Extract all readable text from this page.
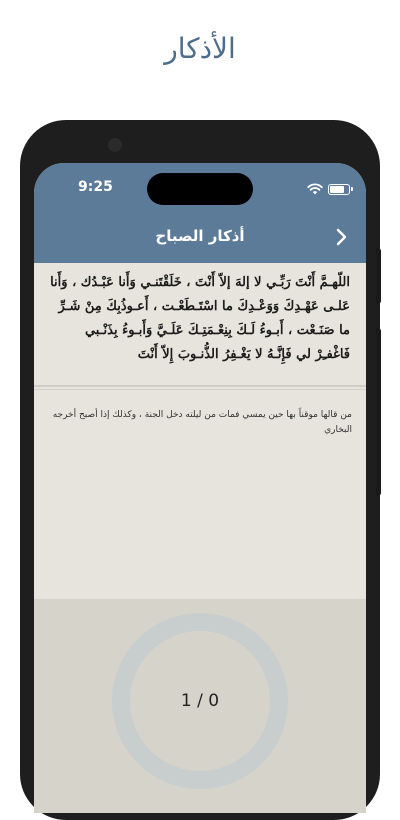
الأذكار
9:25
أذكار الصباح
اللّهـمَّ أَنْتَ رَبِّـي لا إلهَ إلاّ أَنْتَ ، خَلَقْتَنـي وَأَنا عَبْـدُك ، وَأَنا عَلـى عَهْـدِكَ وَوَعْـدِكَ ما اسْتَـطَعْـت ، أَعـوذُبِكَ مِنْ شَـرِّ ما صَنَـعْت ، أَبـوءُ لَـكَ بِنِعْـمَتِـكَ عَلَـيَّ وَأَبـوءُ بِذَنْـبي فَاغْفـِرْ لي فَإِنَّـهُ لا يَغْـفِرُ الذُّنـوبَ إِلاّ أَنْتَ
من قالها موقناً بها حين يمسي فمات من ليلته دخل الجنة ، وكذلك إذا أصبح أخرجه البخاري
1 / 0
